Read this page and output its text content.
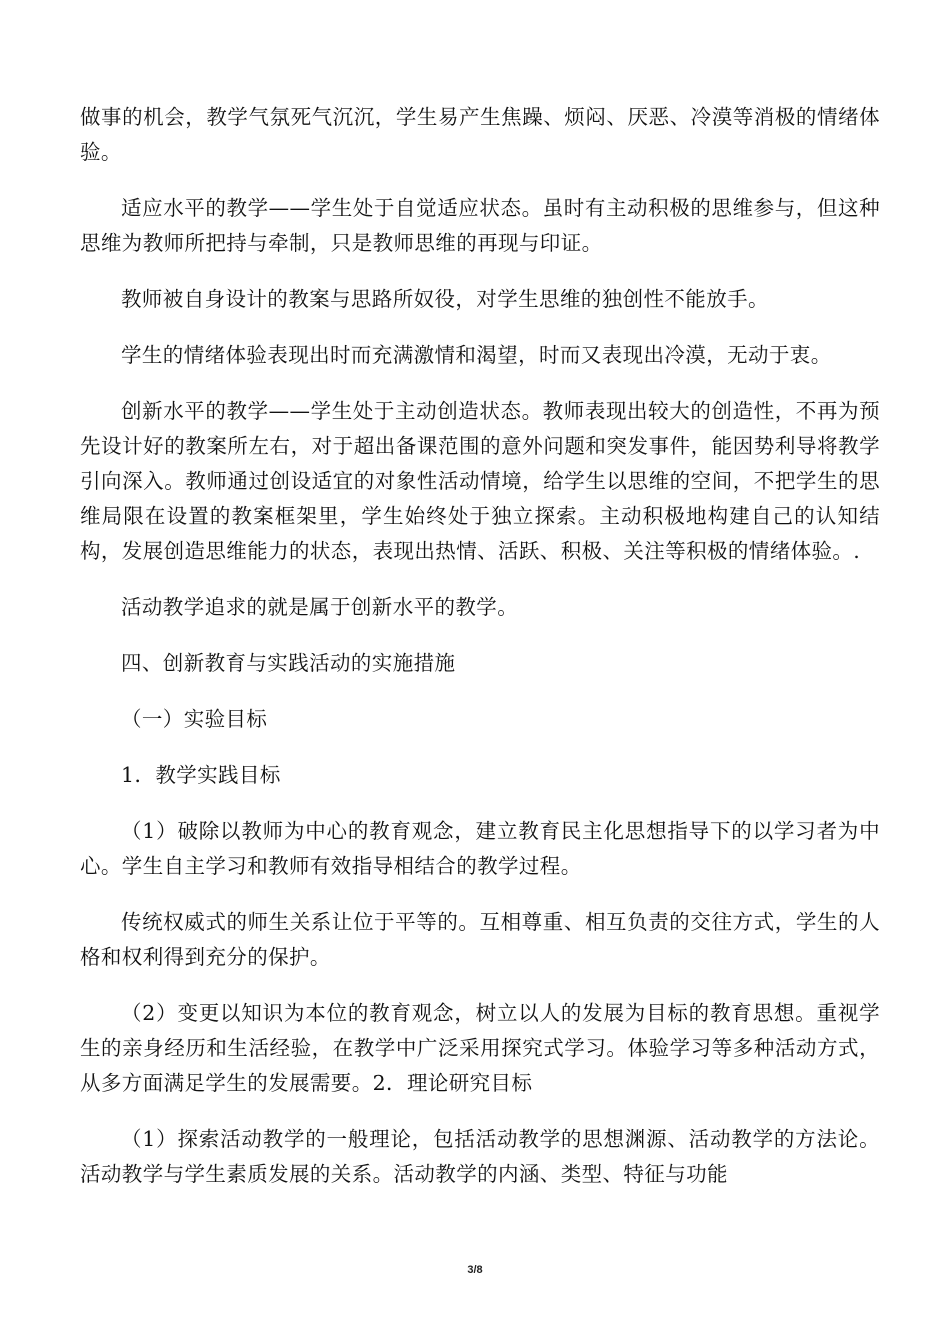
做事的机会，教学气氛死气沉沉，学生易产生焦躁、烦闷、厌恶、冷漠等消极的情绪体验。

适应水平的教学——学生处于自觉适应状态。虽时有主动积极的思维参与，但这种思维为教师所把持与牵制，只是教师思维的再现与印证。

教师被自身设计的教案与思路所奴役，对学生思维的独创性不能放手。

学生的情绪体验表现出时而充满激情和渴望，时而又表现出冷漠，无动于衷。

创新水平的教学——学生处于主动创造状态。教师表现出较大的创造性，不再为预先设计好的教案所左右，对于超出备课范围的意外问题和突发事件，能因势利导将教学引向深入。教师通过创设适宜的对象性活动情境，给学生以思维的空间，不把学生的思维局限在设置的教案框架里，学生始终处于独立探索。主动积极地构建自己的认知结构，发展创造思维能力的状态，表现出热情、活跃、积极、关注等积极的情绪体验。.

活动教学追求的就是属于创新水平的教学。

四、创新教育与实践活动的实施措施

（一）实验目标

1．教学实践目标

（1）破除以教师为中心的教育观念，建立教育民主化思想指导下的以学习者为中心。学生自主学习和教师有效指导相结合的教学过程。

传统权威式的师生关系让位于平等的。互相尊重、相互负责的交往方式，学生的人格和权利得到充分的保护。

（2）变更以知识为本位的教育观念，树立以人的发展为目标的教育思想。重视学生的亲身经历和生活经验，在教学中广泛采用探究式学习。体验学习等多种活动方式，从多方面满足学生的发展需要。2．理论研究目标

（1）探索活动教学的一般理论，包括活动教学的思想渊源、活动教学的方法论。活动教学与学生素质发展的关系。活动教学的内涵、类型、特征与功能

3/8
